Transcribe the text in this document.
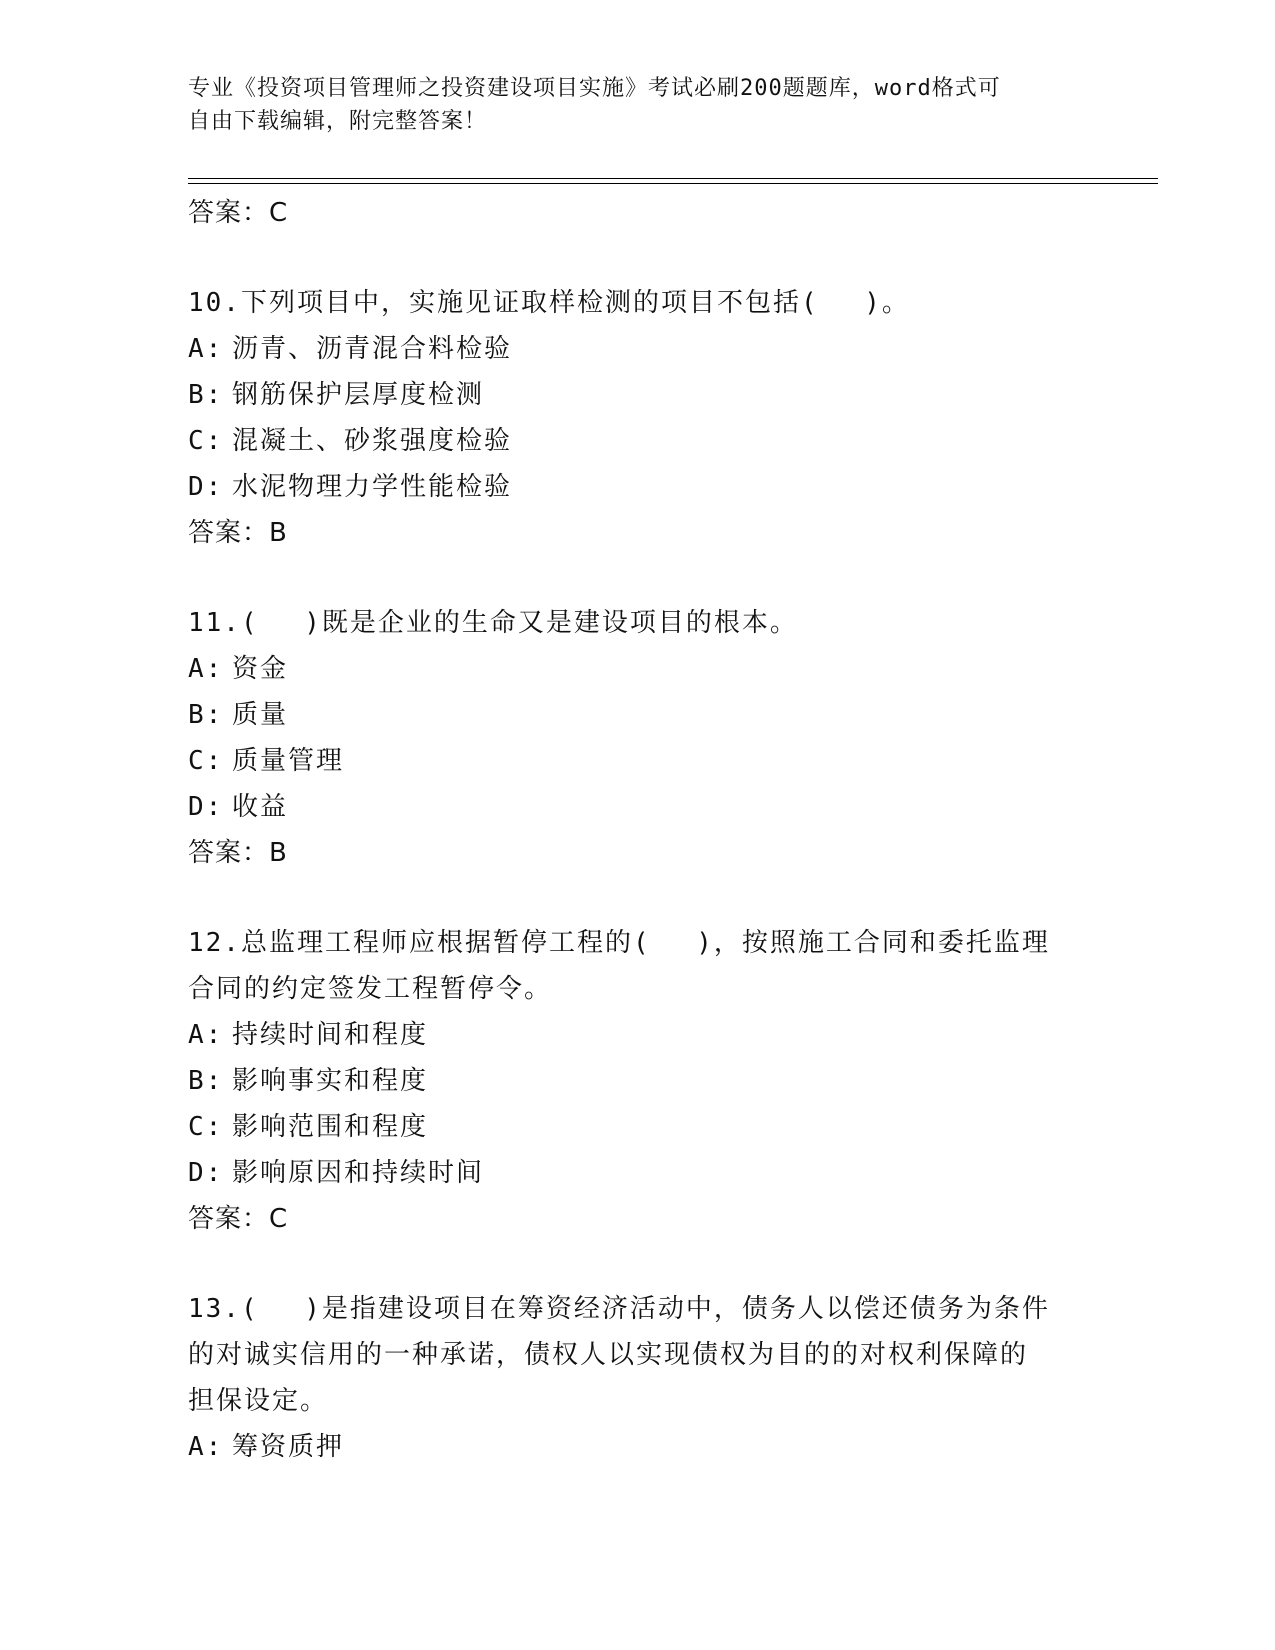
专业《投资项目管理师之投资建设项目实施》考试必刷200题题库，word格式可
自由下载编辑，附完整答案！
答案：C
10.下列项目中，实施见证取样检测的项目不包括(　 )。
A: 沥青、沥青混合料检验
B: 钢筋保护层厚度检测
C: 混凝土、砂浆强度检验
D: 水泥物理力学性能检验
答案：B
11.(　 )既是企业的生命又是建设项目的根本。
A: 资金
B: 质量
C: 质量管理
D: 收益
答案：B
12.总监理工程师应根据暂停工程的(　 )，按照施工合同和委托监理
合同的约定签发工程暂停令。
A: 持续时间和程度
B: 影响事实和程度
C: 影响范围和程度
D: 影响原因和持续时间
答案：C
13.(　 )是指建设项目在筹资经济活动中，债务人以偿还债务为条件
的对诚实信用的一种承诺，债权人以实现债权为目的的对权利保障的
担保设定。
A: 筹资质押
